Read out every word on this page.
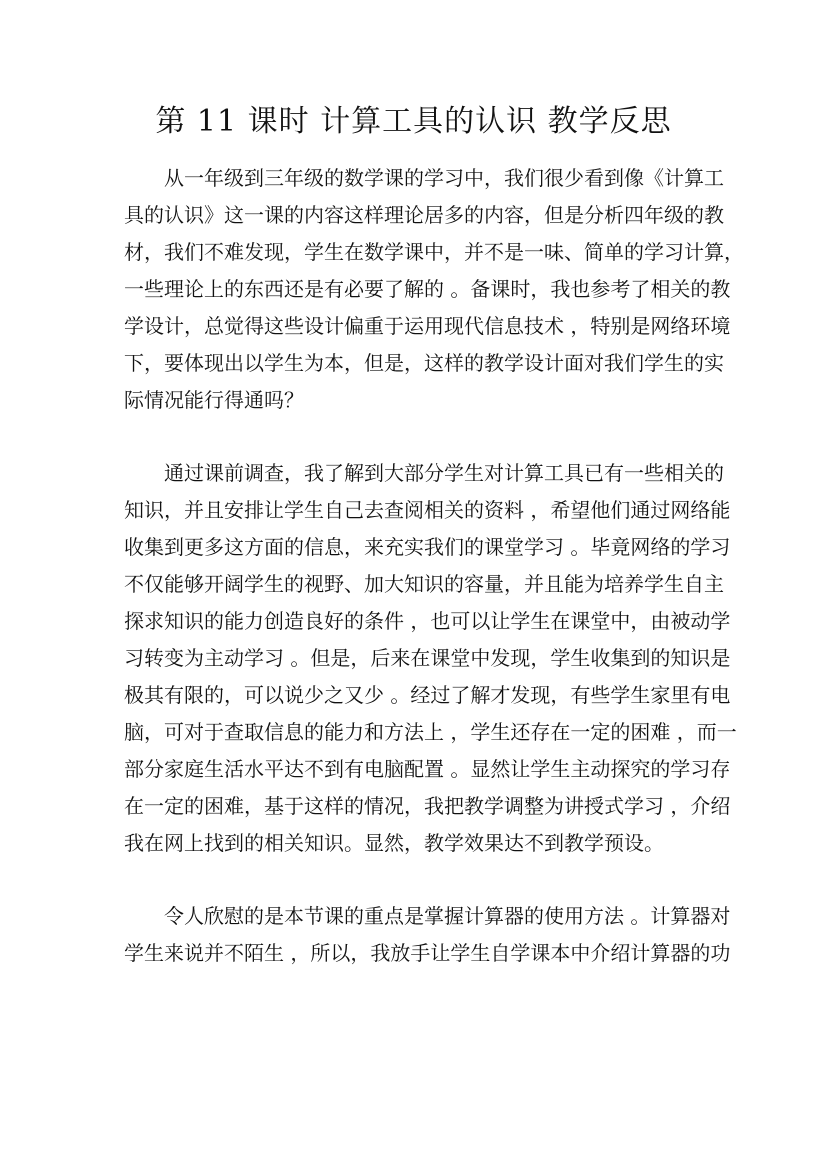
第 11 课时 计算工具的认识 教学反思
从一年级到三年级的数学课的学习中，我们很少看到像《计算工
具的认识》这一课的内容这样理论居多的内容，但是分析四年级的教
材，我们不难发现，学生在数学课中，并不是一味、简单的学习计算，
一些理论上的东西还是有必要了解的 。备课时，我也参考了相关的教
学设计，总觉得这些设计偏重于运用现代信息技术 ，特别是网络环境
下，要体现出以学生为本，但是，这样的教学设计面对我们学生的实
际情况能行得通吗？
通过课前调查，我了解到大部分学生对计算工具已有一些相关的
知识，并且安排让学生自己去查阅相关的资料 ，希望他们通过网络能
收集到更多这方面的信息，来充实我们的课堂学习 。毕竟网络的学习
不仅能够开阔学生的视野、加大知识的容量，并且能为培养学生自主
探求知识的能力创造良好的条件 ，也可以让学生在课堂中，由被动学
习转变为主动学习 。但是，后来在课堂中发现，学生收集到的知识是
极其有限的，可以说少之又少 。经过了解才发现，有些学生家里有电
脑，可对于查取信息的能力和方法上 ，学生还存在一定的困难 ，而一
部分家庭生活水平达不到有电脑配置 。显然让学生主动探究的学习存
在一定的困难，基于这样的情况，我把教学调整为讲授式学习 ，介绍
我在网上找到的相关知识。显然，教学效果达不到教学预设。
令人欣慰的是本节课的重点是掌握计算器的使用方法 。计算器对
学生来说并不陌生 ，所以，我放手让学生自学课本中介绍计算器的功
